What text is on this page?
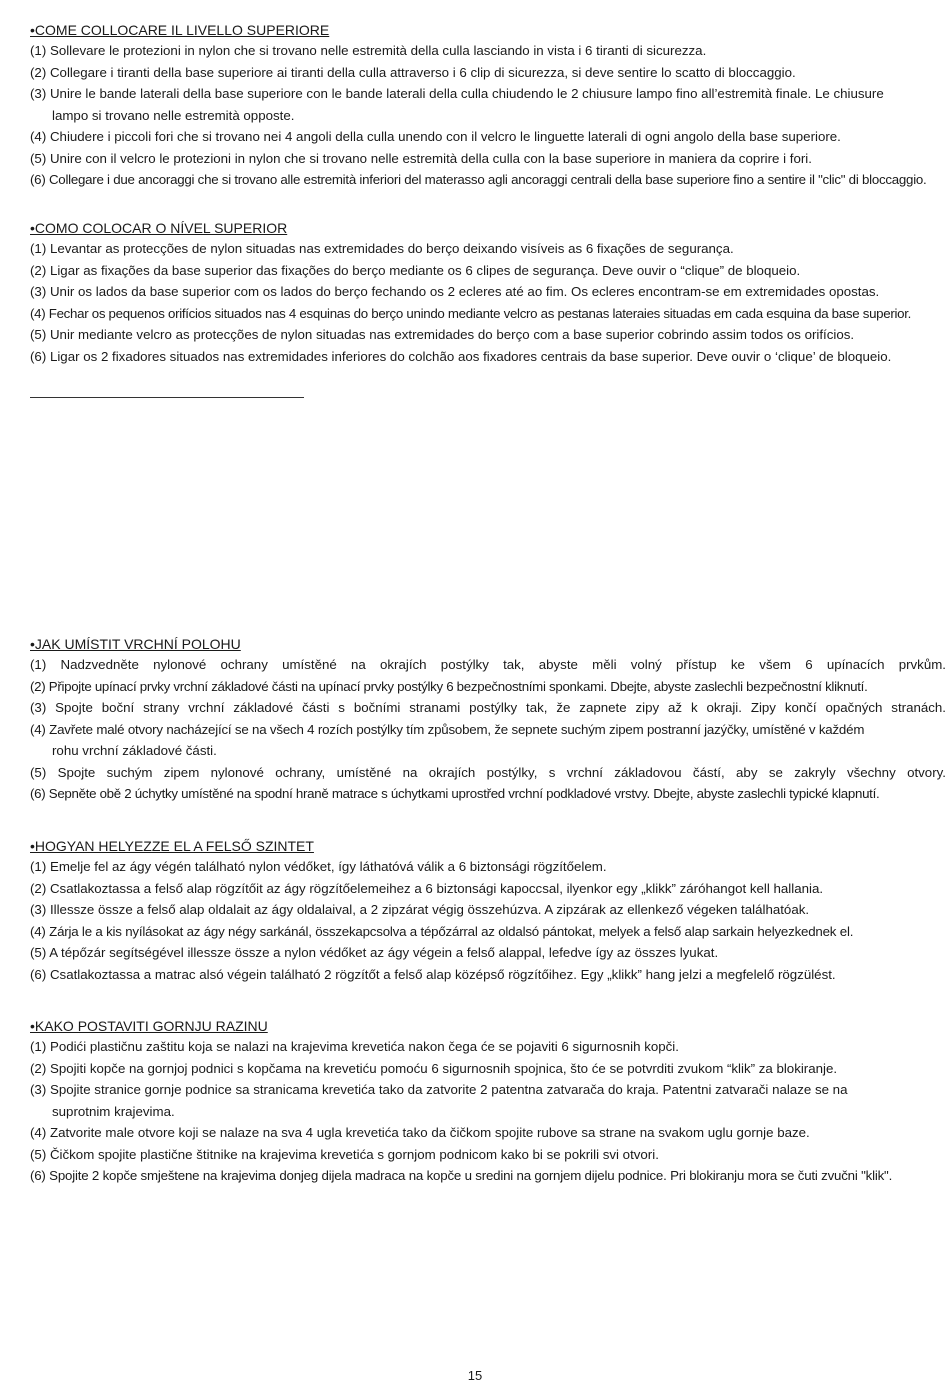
•COME COLLOCARE IL LIVELLO SUPERIORE
(1) Sollevare le protezioni in nylon che si trovano nelle estremità della culla lasciando in vista i 6 tiranti di sicurezza.
(2) Collegare i tiranti della base superiore ai tiranti della culla attraverso i 6 clip di sicurezza, si deve sentire lo scatto di bloccaggio.
(3) Unire le bande laterali della base superiore con le bande laterali della culla chiudendo le 2 chiusure lampo fino all’estremità finale. Le chiusure
lampo si trovano nelle estremità opposte.
(4) Chiudere i piccoli fori che si trovano nei 4 angoli della culla unendo con il velcro le linguette laterali di ogni angolo della base superiore.
(5) Unire con il velcro le protezioni in nylon che si trovano nelle estremità della culla con la base superiore in maniera da coprire i fori.
(6) Collegare i due ancoraggi che si trovano alle estremità inferiori del materasso agli ancoraggi centrali della base superiore fino a sentire il "clic" di bloccaggio.
•COMO COLOCAR O NÍVEL SUPERIOR
(1) Levantar as protecções de nylon situadas nas extremidades do berço deixando visíveis as 6 fixações de segurança.
(2) Ligar as fixações da base superior das fixações do berço mediante os 6 clipes de segurança. Deve ouvir o “clique” de bloqueio.
(3) Unir os lados da base superior com os lados do berço fechando os 2 ecleres até ao fim. Os ecleres encontram-se em extremidades opostas.
(4) Fechar os pequenos orifícios situados nas 4 esquinas do berço unindo mediante velcro as pestanas lateraies situadas em cada esquina da base superior.
(5) Unir mediante velcro as protecções de nylon situadas nas extremidades do berço com a base superior cobrindo assim todos os orifícios.
(6) Ligar os 2 fixadores situados nas extremidades inferiores do colchão aos fixadores centrais da base superior. Deve ouvir o ‘clique’ de bloqueio.
•JAK UMÍSTIT VRCHNÍ POLOHU
(1) Nadzvedněte nylonové ochrany umístěné na okrajích postýlky tak, abyste měli volný přístup ke všem 6 upínacích prvkům.
(2) Připojte upínací prvky vrchní základové části na upínací prvky postýlky 6 bezpečnostními sponkami. Dbejte, abyste zaslechli bezpečnostní kliknutí.
(3) Spojte boční strany vrchní základové části s bočními stranami postýlky tak, že zapnete zipy až k okraji. Zipy končí opačných stranách.
(4) Zavřete malé otvory nacházející se na všech 4 rozích postýlky tím způsobem, že sepnete suchým zipem postranní jazýčky, umístěné v každém
rohu vrchní základové části.
(5) Spojte suchým zipem nylonové ochrany, umístěné na okrajích postýlky, s vrchní základovou částí, aby se zakryly všechny otvory.
(6) Sepněte obě 2 úchytky umístěné na spodní hraně matrace s úchytkami uprostřed vrchní podkladové vrstvy. Dbejte, abyste zaslechli typické klapnutí.
•HOGYAN HELYEZZE EL A FELSŐ SZINTET
(1) Emelje fel az ágy végén található nylon védőket, így láthatóvá válik a 6 biztonsági rögzítőelem.
(2) Csatlakoztassa a felső alap rögzítőit az ágy rögzítőelemeihez a 6 biztonsági kapoccsal, ilyenkor egy „klikk” záróhangot kell hallania.
(3) Illessze össze a felső alap oldalait az ágy oldalaival, a 2 zipzárat végig összehúzva. A zipzárak az ellenkező végeken találhatóak.
(4) Zárja le a kis nyílásokat az ágy négy sarkánál, összekapcsolva a tépőzárral az oldalsó pántokat, melyek a felső alap sarkain helyezkednek el.
(5) A tépőzár segítségével illessze össze a nylon védőket az ágy végein a felső alappal, lefedve így az összes lyukat.
(6) Csatlakoztassa a matrac alsó végein található 2 rögzítőt a felső alap középső rögzítőihez. Egy „klikk” hang jelzi a megfelelő rögzülést.
•KAKO POSTAVITI GORNJU RAZINU
(1) Podići plastičnu zaštitu koja se nalazi na krajevima krevetića nakon čega će se pojaviti 6 sigurnosnih kopči.
(2) Spojiti kopče na gornjoj podnici s kopčama na krevetiću pomoću 6 sigurnosnih spojnica, što će se potvrditi zvukom “klik” za blokiranje.
(3) Spojite stranice gornje podnice sa stranicama krevetića tako da zatvorite 2 patentna zatvarača do kraja. Patentni zatvarači nalaze se na
suprotnim krajevima.
(4) Zatvorite male otvore koji se nalaze na sva 4 ugla krevetića tako da čičkom spojite rubove sa strane na svakom uglu gornje baze.
(5) Čičkom spojite plastične štitnike na krajevima krevetića s gornjom podnicom kako bi se pokrili svi otvori.
(6) Spojite 2 kopče smještene na krajevima donjeg dijela madraca na kopče u sredini na gornjem dijelu podnice. Pri blokiranju mora se čuti zvučni "klik".
15
